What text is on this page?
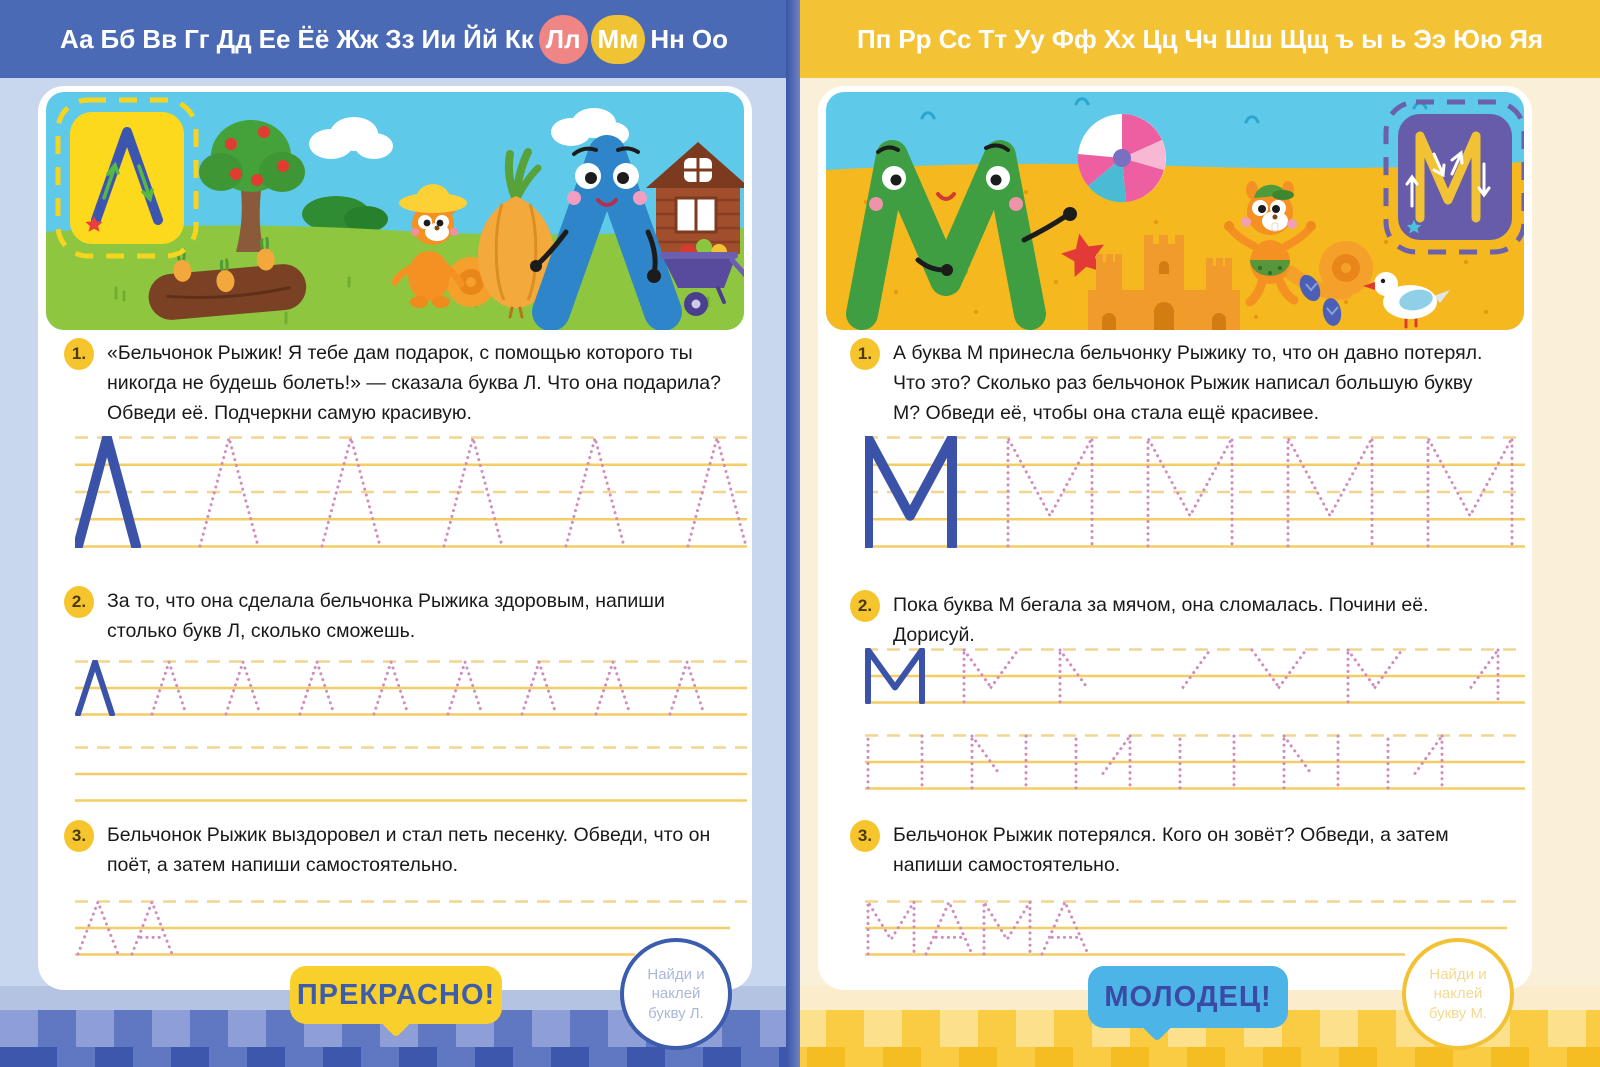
Аа Бб Вв Гг Дд Ее Ёё Жж Зз Ии Йй Кк Лл Мм Нн Оо	Пп Рр Сс Тт Уу Фф Хх Цц Чч Шш Щщ ъ ы ь Ээ Юю Яя
1.	«Бельчонок Рыжик! Я тебе дам подарок, с помощью которого ты никогда не будешь болеть!» — сказала буква Л. Что она подарила? Обведи её. Подчеркни самую красивую.

2.	За то, что она сделала бельчонка Рыжика здоровым, напиши столько букв Л, сколько сможешь.

3.	Бельчонок Рыжик выздоровел и стал петь песенку. Обведи, что он поёт, а затем напиши самостоятельно.

1.	А буква М принесла бельчонку Рыжику то, что он давно потерял. Что это? Сколько раз бельчонок Рыжик написал большую букву М? Обведи её, чтобы она стала ещё красивее.

2.	Пока буква М бегала за мячом, она сломалась. Почини её. Дорисуй.

3.	Бельчонок Рыжик потерялся. Кого он зовёт? Обведи, а затем напиши самостоятельно.

ПРЕКРАСНО!	МОЛОДЕЦ!
Найди и наклей букву Л.
Найди и наклей букву М.
